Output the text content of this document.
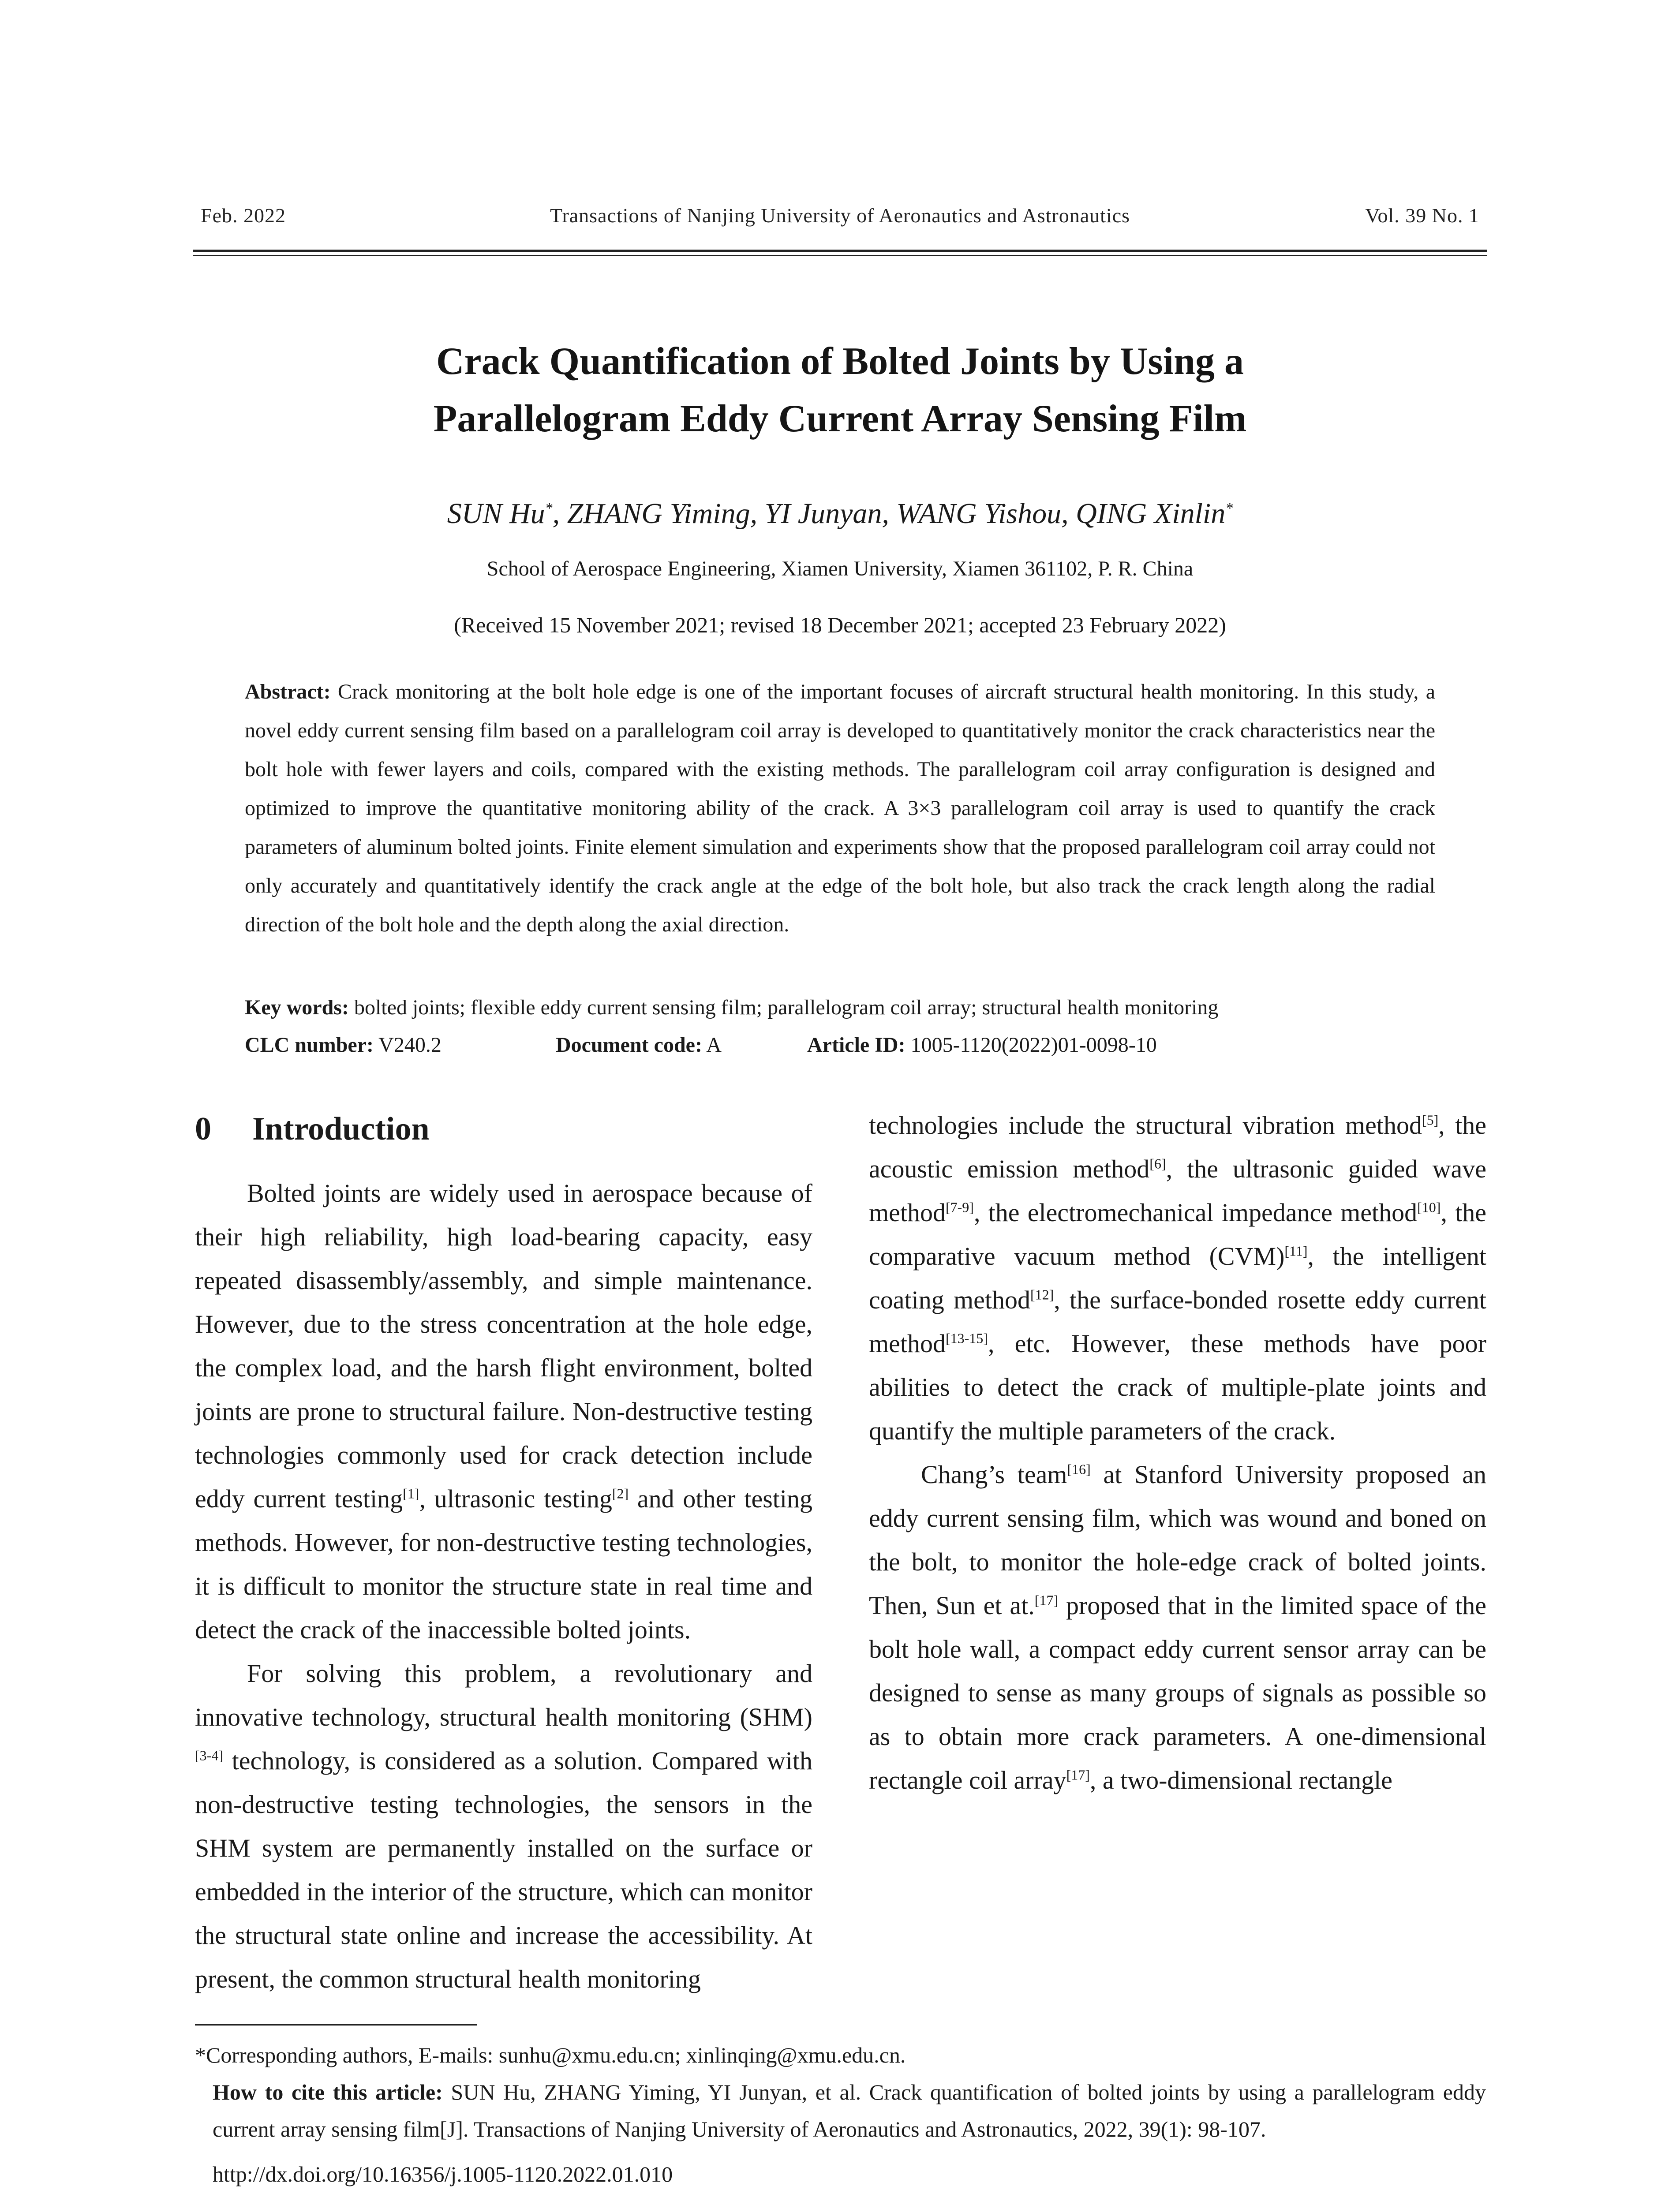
Feb. 2022	Transactions of Nanjing University of Aeronautics and Astronautics	Vol. 39 No. 1
Crack Quantification of Bolted Joints by Using a
Parallelogram Eddy Current Array Sensing Film
SUN Hu*, ZHANG Yiming, YI Junyan, WANG Yishou, QING Xinlin*
School of Aerospace Engineering, Xiamen University, Xiamen 361102, P. R. China
(Received 15 November 2021; revised 18 December 2021; accepted 23 February 2022)
Abstract: Crack monitoring at the bolt hole edge is one of the important focuses of aircraft structural health monitoring. In this study, a novel eddy current sensing film based on a parallelogram coil array is developed to quantitatively monitor the crack characteristics near the bolt hole with fewer layers and coils, compared with the existing methods. The parallelogram coil array configuration is designed and optimized to improve the quantitative monitoring ability of the crack. A 3×3 parallelogram coil array is used to quantify the crack parameters of aluminum bolted joints. Finite element simulation and experiments show that the proposed parallelogram coil array could not only accurately and quantitatively identify the crack angle at the edge of the bolt hole, but also track the crack length along the radial direction of the bolt hole and the depth along the axial direction.
Key words: bolted joints; flexible eddy current sensing film; parallelogram coil array; structural health monitoring
CLC number: V240.2	Document code: A	Article ID: 1005-1120(2022)01-0098-10
0 Introduction

Bolted joints are widely used in aerospace because of their high reliability, high load-bearing capacity, easy repeated disassembly/assembly, and simple maintenance. However, due to the stress concentration at the hole edge, the complex load, and the harsh flight environment, bolted joints are prone to structural failure. Non-destructive testing technologies commonly used for crack detection include eddy current testing[1], ultrasonic testing[2] and other testing methods. However, for non-destructive testing technologies, it is difficult to monitor the structure state in real time and detect the crack of the inaccessible bolted joints.

For solving this problem, a revolutionary and innovative technology, structural health monitoring (SHM)[3-4] technology, is considered as a solution. Compared with non-destructive testing technologies, the sensors in the SHM system are permanently installed on the surface or embedded in the interior of the structure, which can monitor the structural state online and increase the accessibility. At present, the common structural health monitoring

technologies include the structural vibration method[5], the acoustic emission method[6], the ultrasonic guided wave method[7-9], the electromechanical impedance method[10], the comparative vacuum method (CVM)[11], the intelligent coating method[12], the surface-bonded rosette eddy current method[13-15], etc. However, these methods have poor abilities to detect the crack of multiple-plate joints and quantify the multiple parameters of the crack.

Chang’s team[16] at Stanford University proposed an eddy current sensing film, which was wound and boned on the bolt, to monitor the hole-edge crack of bolted joints. Then, Sun et at.[17] proposed that in the limited space of the bolt hole wall, a compact eddy current sensor array can be designed to sense as many groups of signals as possible so as to obtain more crack parameters. A one-dimensional rectangle coil array[17], a two-dimensional rectangle

*Corresponding authors, E-mails: sunhu@xmu.edu.cn; xinlinqing@xmu.edu.cn.

How to cite this article: SUN Hu, ZHANG Yiming, YI Junyan, et al. Crack quantification of bolted joints by using a parallelogram eddy current array sensing film[J]. Transactions of Nanjing University of Aeronautics and Astronautics, 2022, 39(1): 98-107.

http://dx.doi.org/10.16356/j.1005-1120.2022.01.010
